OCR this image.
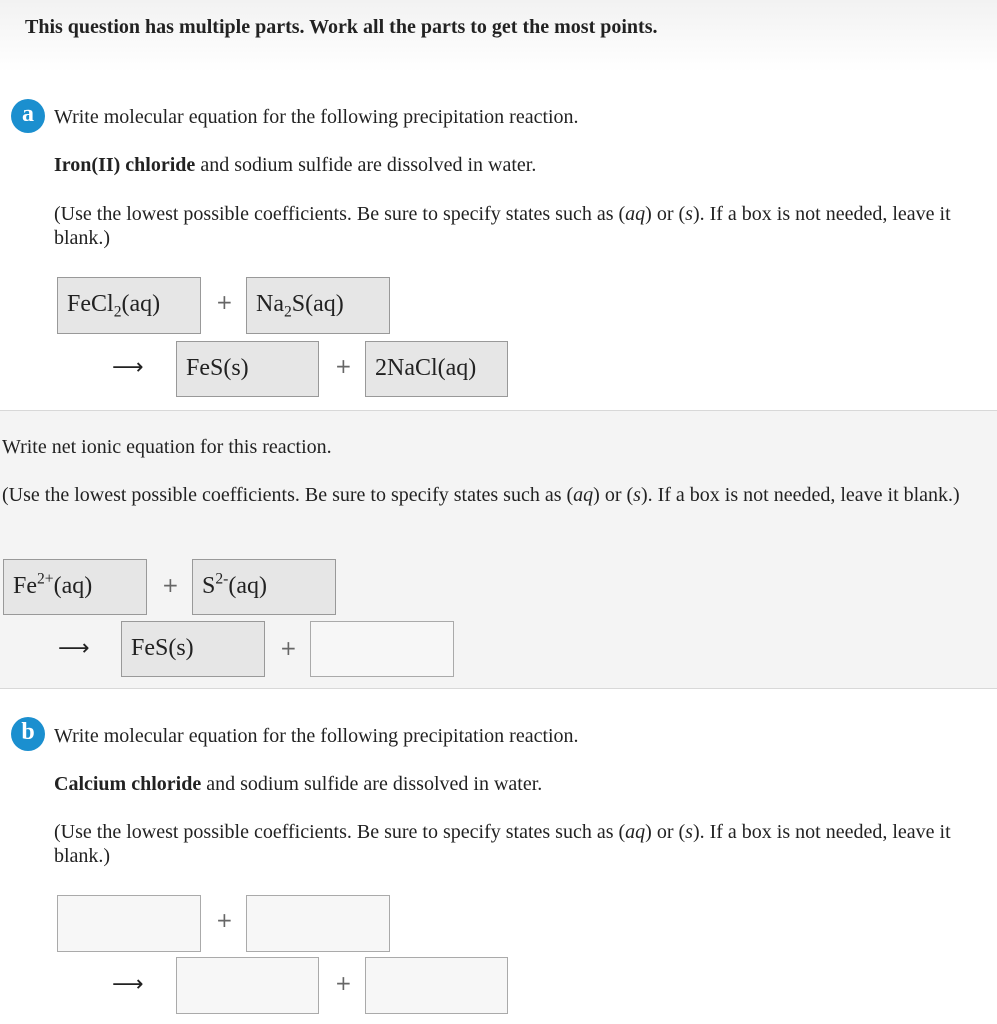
This question has multiple parts. Work all the parts to get the most points.
a	Write molecular equation for the following precipitation reaction.
Iron(II) chloride and sodium sulfide are dissolved in water.
(Use the lowest possible coefficients. Be sure to specify states such as (aq) or (s). If a box is not needed, leave it blank.)
FeCl$_2$(aq)	+ $Na_2S(aq)$
⟶	FeS(s)	+ 2NaCl(aq)
Write net ionic equation for this reaction.
(Use the lowest possible coefficients. Be sure to specify states such as (aq) or (s). If a box is not needed, leave it blank.)
$Fe^{2+}(aq)$	+ $S^{2-}(aq)$
⟶	FeS(s)	+
b Write molecular equation for the following precipitation reaction.
Calcium chloride and sodium sulfide are dissolved in water.
(Use the lowest possible coefficients. Be sure to specify states such as (aq) or (s). If a box is not needed, leave it blank.)
+
⟶	+
